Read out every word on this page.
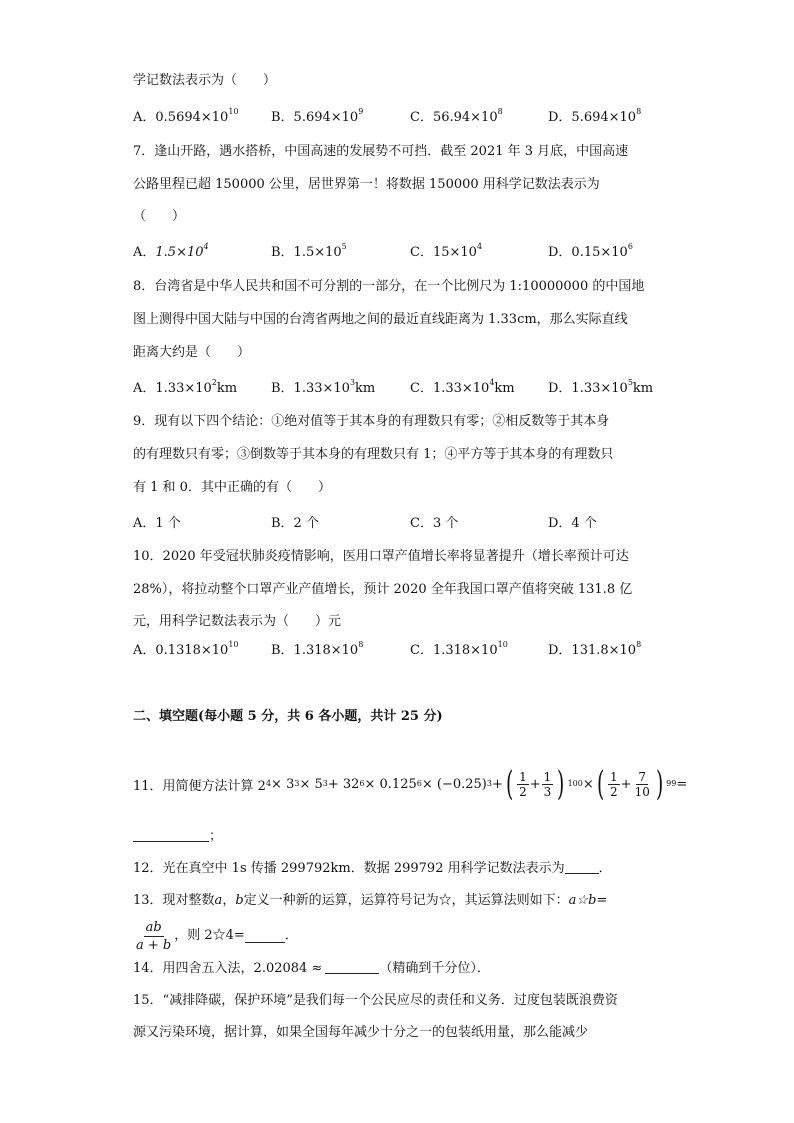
学记数法表示为（　　）
A．$0.5694\times 10^{10}$	B．$5.694\times 10^9$	C．$56.94\times 10^8$	D．$5.694\times 10^8$
7．逢山开路，遇水搭桥，中国高速的发展势不可挡．截至 2021 年 3 月底，中国高速
公路里程已超 150000 公里，居世界第一！将数据 150000 用科学记数法表示为
（　　）
A．$1.5\times 10^4$	B．$1.5\times 10^5$	C．$15\times 10^4$	D．$0.15\times 10^6$
8．台湾省是中华人民共和国不可分割的一部分，在一个比例尺为 1:10000000 的中国地
图上测得中国大陆与中国的台湾省两地之间的最近直线距离为 1.33cm，那么实际直线
距离大约是（　　）
A．$1.33\times 10^2km$	B．$1.33\times 10^3km$	C．$1.33\times 10^4km$	D．$1.33\times 10^5km$
9．现有以下四个结论：①绝对值等于其本身的有理数只有零；②相反数等于其本身
的有理数只有零；③倒数等于其本身的有理数只有 1；④平方等于其本身的有理数只
有 1 和 0．其中正确的有（　　）
A．1 个	B．2 个	C．3 个	D．4 个
10．2020 年受冠状肺炎疫情影响，医用口罩产值增长率将显著提升（增长率预计可达
28%），将拉动整个口罩产业产值增长，预计 2020 全年我国口罩产值将突破 131.8 亿
元，用科学记数法表示为（　　）元
A．$0.1318\times 10^{10}$	B．$1.318\times 10^8$	C．$1.318\times 10^{10}$	D．$131.8\times 10^8$
二、填空题(每小题 5 分，共 6 各小题，共计 25 分)
11．用简便方法计算 2 4 × 3 3 × 5 3 + 32 6 × 0.125 6 × (−0.25) 3 + ( $\frac{1}{2} + \frac{1}{3}$ ) 100 × ( $\frac{1}{2} + \frac{7}{10}$ ) 99 =
；
12．光在真空中 1s 传播 299792km．数据 299792 用科学记数法表示为	．
13．现对整数a，b定义一种新的运算，运算符号记为☆，其运算法则如下：a☆b=
$\frac{ab}{a + b}$ ，则 2☆4=	．
14．用四舍五入法，2.02084 ≈	（精确到千分位）．
15．“减排降碳，保护环境”是我们每一个公民应尽的责任和义务．过度包装既浪费资
源又污染环境，据计算，如果全国每年减少十分之一的包装纸用量，那么能减少
